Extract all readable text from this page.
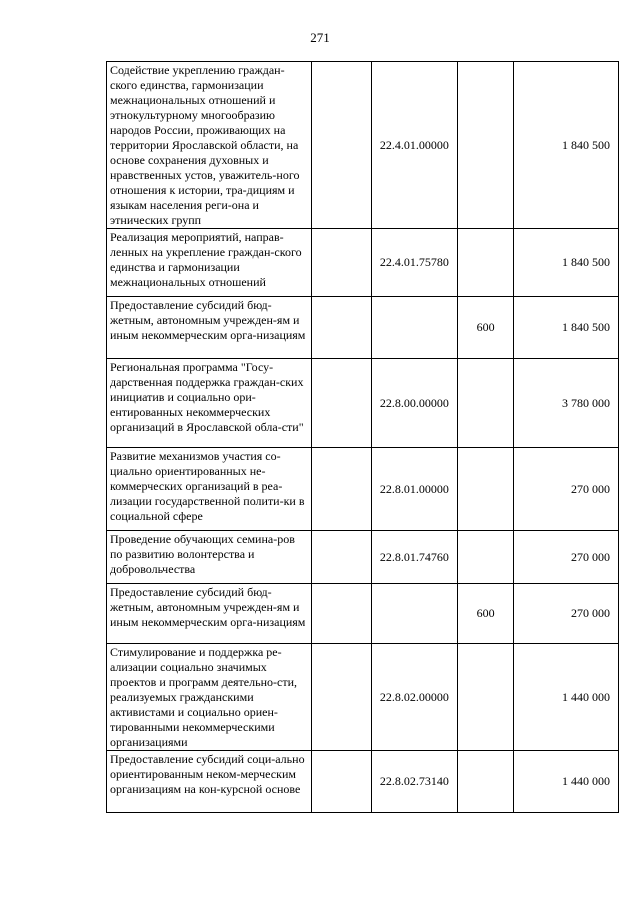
271
Содействие укреплению граждан-ского единства, гармонизации межнациональных отношений и этнокультурному многообразию народов России, проживающих на территории Ярославской области, на основе сохранения духовных и нравственных устов, уважитель-ного отношения к истории, тра-дициям и языкам населения реги-она и этнических групп		22.4.01.00000		1 840 500
Реализация мероприятий, направ-ленных на укрепление граждан-ского единства и гармонизации межнациональных отношений		22.4.01.75780		1 840 500
Предоставление субсидий бюд-жетным, автономным учрежден-ям и иным некоммерческим орга-низациям			600	1 840 500
Региональная программа "Госу-дарственная поддержка граждан-ских инициатив и социально ори-ентированных некоммерческих организаций в Ярославской обла-сти"		22.8.00.00000		3 780 000
Развитие механизмов участия со-циально ориентированных не-коммерческих организаций в реа-лизации государственной полити-ки в социальной сфере		22.8.01.00000		270 000
Проведение обучающих семина-ров по развитию волонтерства и добровольчества		22.8.01.74760		270 000
Предоставление субсидий бюд-жетным, автономным учрежден-ям и иным некоммерческим орга-низациям			600	270 000
Стимулирование и поддержка ре-ализации социально значимых проектов и программ деятельно-сти, реализуемых гражданскими активистами и социально ориен-тированными некоммерческими организациями		22.8.02.00000		1 440 000
Предоставление субсидий соци-ально ориентированным неком-мерческим организациям на кон-курсной основе		22.8.02.73140		1 440 000
